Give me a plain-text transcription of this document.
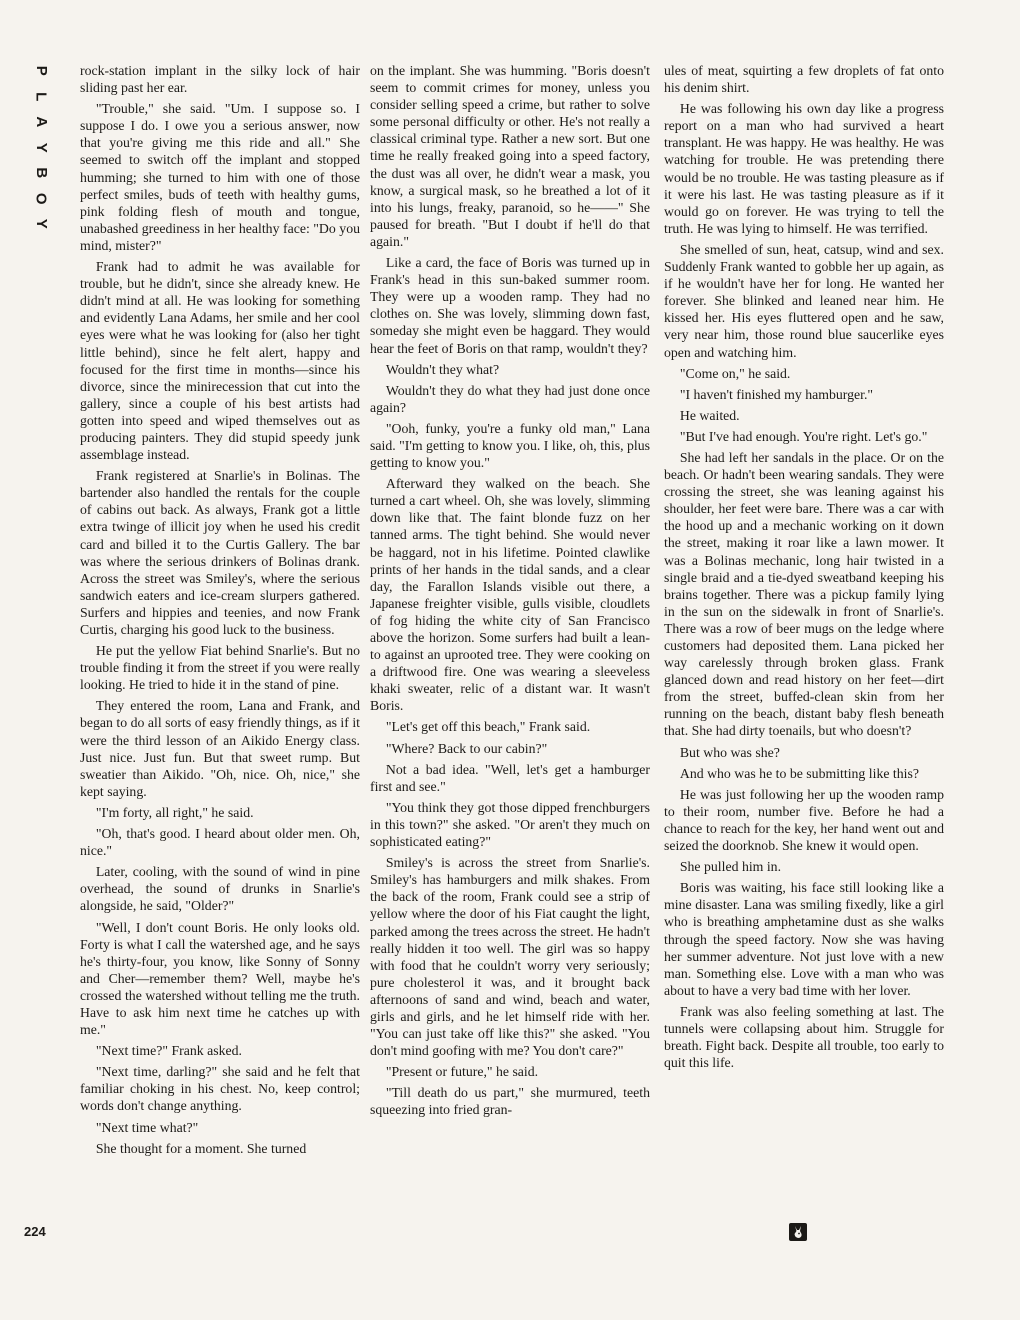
P
L
A
Y
B
O
Y

rock-station implant in the silky lock of hair sliding past her ear.

"Trouble," she said. "Um. I suppose so. I suppose I do. I owe you a serious answer, now that you're giving me this ride and all." She seemed to switch off the implant and stopped humming; she turned to him with one of those perfect smiles, buds of teeth with healthy gums, pink folding flesh of mouth and tongue, unabashed greediness in her healthy face: "Do you mind, mister?"

Frank had to admit he was available for trouble, but he didn't, since she already knew. He didn't mind at all. He was looking for something and evidently Lana Adams, her smile and her cool eyes were what he was looking for (also her tight little behind), since he felt alert, happy and focused for the first time in months—since his divorce, since the minirecession that cut into the gallery, since a couple of his best artists had gotten into speed and wiped themselves out as producing painters. They did stupid speedy junk assemblage instead.

Frank registered at Snarlie's in Bolinas. The bartender also handled the rentals for the couple of cabins out back. As always, Frank got a little extra twinge of illicit joy when he used his credit card and billed it to the Curtis Gallery. The bar was where the serious drinkers of Bolinas drank. Across the street was Smiley's, where the serious sandwich eaters and ice-cream slurpers gathered. Surfers and hippies and teenies, and now Frank Curtis, charging his good luck to the business.

He put the yellow Fiat behind Snarlie's. But no trouble finding it from the street if you were really looking. He tried to hide it in the stand of pine.

They entered the room, Lana and Frank, and began to do all sorts of easy friendly things, as if it were the third lesson of an Aikido Energy class. Just nice. Just fun. But that sweet rump. But sweatier than Aikido. "Oh, nice. Oh, nice," she kept saying.

"I'm forty, all right," he said.

"Oh, that's good. I heard about older men. Oh, nice."

Later, cooling, with the sound of wind in pine overhead, the sound of drunks in Snarlie's alongside, he said, "Older?"

"Well, I don't count Boris. He only looks old. Forty is what I call the watershed age, and he says he's thirty-four, you know, like Sonny of Sonny and Cher—remember them? Well, maybe he's crossed the watershed without telling me the truth. Have to ask him next time he catches up with me."

"Next time?" Frank asked.

"Next time, darling?" she said and he felt that familiar choking in his chest. No, keep control; words don't change anything.

"Next time what?"

She thought for a moment. She turned

on the implant. She was humming. "Boris doesn't seem to commit crimes for money, unless you consider selling speed a crime, but rather to solve some personal difficulty or other. He's not really a classical criminal type. Rather a new sort. But one time he really freaked going into a speed factory, the dust was all over, he didn't wear a mask, you know, a surgical mask, so he breathed a lot of it into his lungs, freaky, paranoid, so he——" She paused for breath. "But I doubt if he'll do that again."

Like a card, the face of Boris was turned up in Frank's head in this sun-baked summer room. They were up a wooden ramp. They had no clothes on. She was lovely, slimming down fast, someday she might even be haggard. They would hear the feet of Boris on that ramp, wouldn't they?

Wouldn't they what?

Wouldn't they do what they had just done once again?

"Ooh, funky, you're a funky old man," Lana said. "I'm getting to know you. I like, oh, this, plus getting to know you."

Afterward they walked on the beach. She turned a cart wheel. Oh, she was lovely, slimming down like that. The faint blonde fuzz on her tanned arms. The tight behind. She would never be haggard, not in his lifetime. Pointed clawlike prints of her hands in the tidal sands, and a clear day, the Farallon Islands visible out there, a Japanese freighter visible, gulls visible, cloudlets of fog hiding the white city of San Francisco above the horizon. Some surfers had built a lean-to against an uprooted tree. They were cooking on a driftwood fire. One was wearing a sleeveless khaki sweater, relic of a distant war. It wasn't Boris.

"Let's get off this beach," Frank said.

"Where? Back to our cabin?"

Not a bad idea. "Well, let's get a hamburger first and see."

"You think they got those dipped frenchburgers in this town?" she asked. "Or aren't they much on sophisticated eating?"

Smiley's is across the street from Snarlie's. Smiley's has hamburgers and milk shakes. From the back of the room, Frank could see a strip of yellow where the door of his Fiat caught the light, parked among the trees across the street. He hadn't really hidden it too well. The girl was so happy with food that he couldn't worry very seriously; pure cholesterol it was, and it brought back afternoons of sand and wind, beach and water, girls and girls, and he let himself ride with her. "You can just take off like this?" she asked. "You don't mind goofing with me? You don't care?"

"Present or future," he said.

"Till death do us part," she murmured, teeth squeezing into fried gran-

ules of meat, squirting a few droplets of fat onto his denim shirt.

He was following his own day like a progress report on a man who had survived a heart transplant. He was happy. He was healthy. He was watching for trouble. He was pretending there would be no trouble. He was tasting pleasure as if it were his last. He was tasting pleasure as if it would go on forever. He was trying to tell the truth. He was lying to himself. He was terrified.

She smelled of sun, heat, catsup, wind and sex. Suddenly Frank wanted to gobble her up again, as if he wouldn't have her for long. He wanted her forever. She blinked and leaned near him. He kissed her. His eyes fluttered open and he saw, very near him, those round blue saucerlike eyes open and watching him.

"Come on," he said.

"I haven't finished my hamburger."

He waited.

"But I've had enough. You're right. Let's go."

She had left her sandals in the place. Or on the beach. Or hadn't been wearing sandals. They were crossing the street, she was leaning against his shoulder, her feet were bare. There was a car with the hood up and a mechanic working on it down the street, making it roar like a lawn mower. It was a Bolinas mechanic, long hair twisted in a single braid and a tie-dyed sweatband keeping his brains together. There was a pickup family lying in the sun on the sidewalk in front of Snarlie's. There was a row of beer mugs on the ledge where customers had deposited them. Lana picked her way carelessly through broken glass. Frank glanced down and read history on her feet—dirt from the street, buffed-clean skin from her running on the beach, distant baby flesh beneath that. She had dirty toenails, but who doesn't?

But who was she?

And who was he to be submitting like this?

He was just following her up the wooden ramp to their room, number five. Before he had a chance to reach for the key, her hand went out and seized the doorknob. She knew it would open.

She pulled him in.

Boris was waiting, his face still looking like a mine disaster. Lana was smiling fixedly, like a girl who is breathing amphetamine dust as she walks through the speed factory. Now she was having her summer adventure. Not just love with a new man. Something else. Love with a man who was about to have a very bad time with her lover.

Frank was also feeling something at last. The tunnels were collapsing about him. Struggle for breath. Fight back. Despite all trouble, too early to quit this life.

224
